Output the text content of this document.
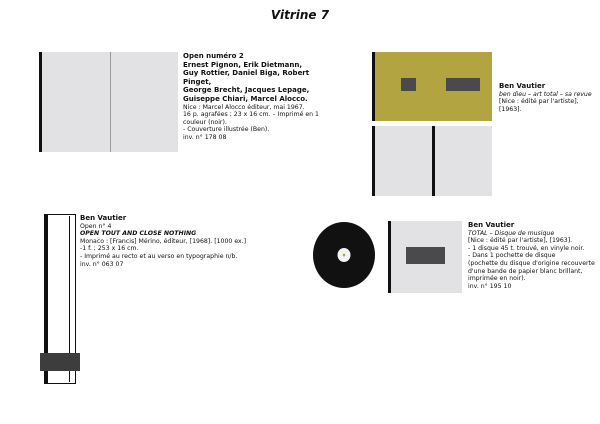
Vitrine 7
Open numéro 2
Ernest Pignon, Erik Dietmann,
Guy Rottier, Daniel Biga, Robert
Pinget,
George Brecht, Jacques Lepage,
Guiseppe Chiari, Marcel Alocco.
Nice : Marcel Alocco éditeur, mai 1967.
16 p. agrafées ; 23 x 16 cm. – Imprimé en 1
couleur (noir).
- Couverture illustrée (Ben).
inv. n° 178 08
Ben Vautier
ben dieu – art total – sa revue
[Nice : édité par l'artiste],
[1963].
Ben Vautier
Open n° 4
OPEN TOUT AND CLOSE NOTHING
Monaco : [Francis] Mérino, éditeur, [1968]. [1000 ex.]
-1 f. ; 253 x 16 cm.
- Imprimé au recto et au verso en typographie n/b.
inv. n° 063 07
Ben Vautier
TOTAL – Disque de musique
[Nice : édité par l'artiste], [1963].
- 1 disque 45 t. trouvé, en vinyle noir.
- Dans 1 pochette de disque
(pochette du disque d'origine recouverte
d'une bande de papier blanc brillant,
imprimée en noir).
inv. n° 195 10
